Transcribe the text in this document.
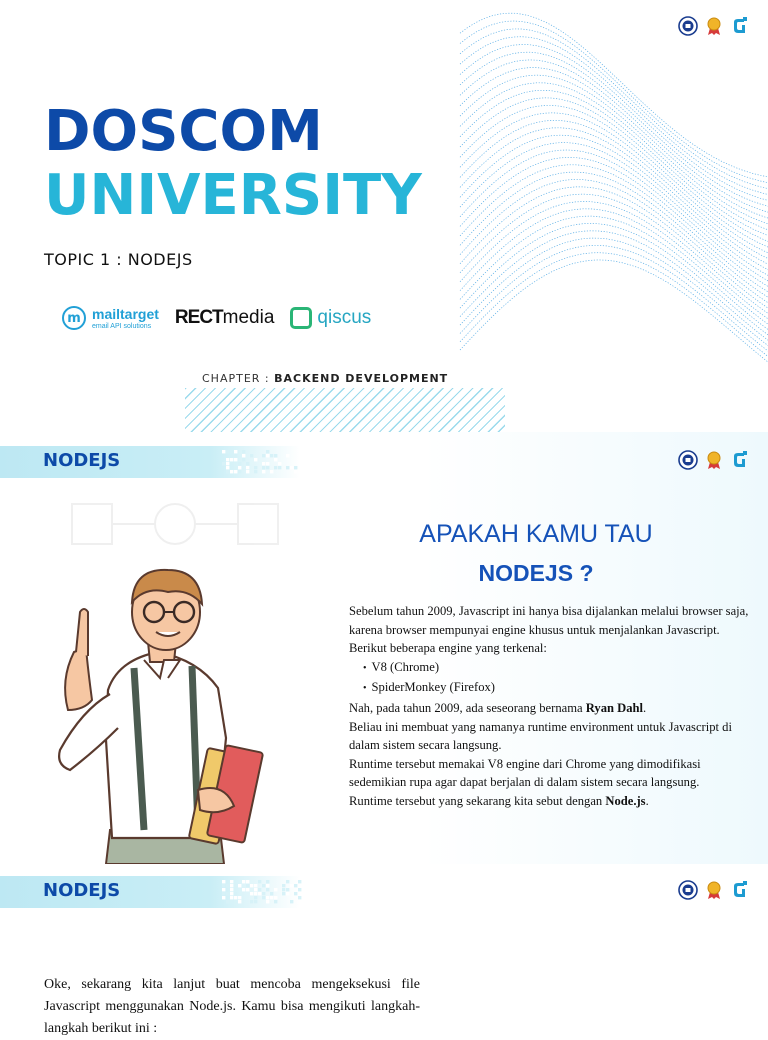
DOSCOM
UNIVERSITY
TOPIC 1 : NODEJS
m mailtarget
email API solutions	RECTmedia qiscus
CHAPTER : BACKEND DEVELOPMENT
NODEJS
APAKAH KAMU TAU
NODEJS ?

Sebelum tahun 2009, Javascript ini hanya bisa dijalankan melalui browser saja, karena browser mempunyai engine khusus untuk menjalankan Javascript.

Berikut beberapa engine yang terkenal:

• V8 (Chrome)
• SpiderMonkey (Firefox)

Nah, pada tahun 2009, ada seseorang bernama Ryan Dahl.

Beliau ini membuat yang namanya runtime environment untuk Javascript di dalam sistem secara langsung.

Runtime tersebut memakai V8 engine dari Chrome yang dimodifikasi sedemikian rupa agar dapat berjalan di dalam sistem secara langsung.

Runtime tersebut yang sekarang kita sebut dengan Node.js.

NODEJS

Oke, sekarang kita lanjut buat mencoba mengeksekusi file Javascript menggunakan Node.js. Kamu bisa mengikuti langkah-langkah berikut ini :
